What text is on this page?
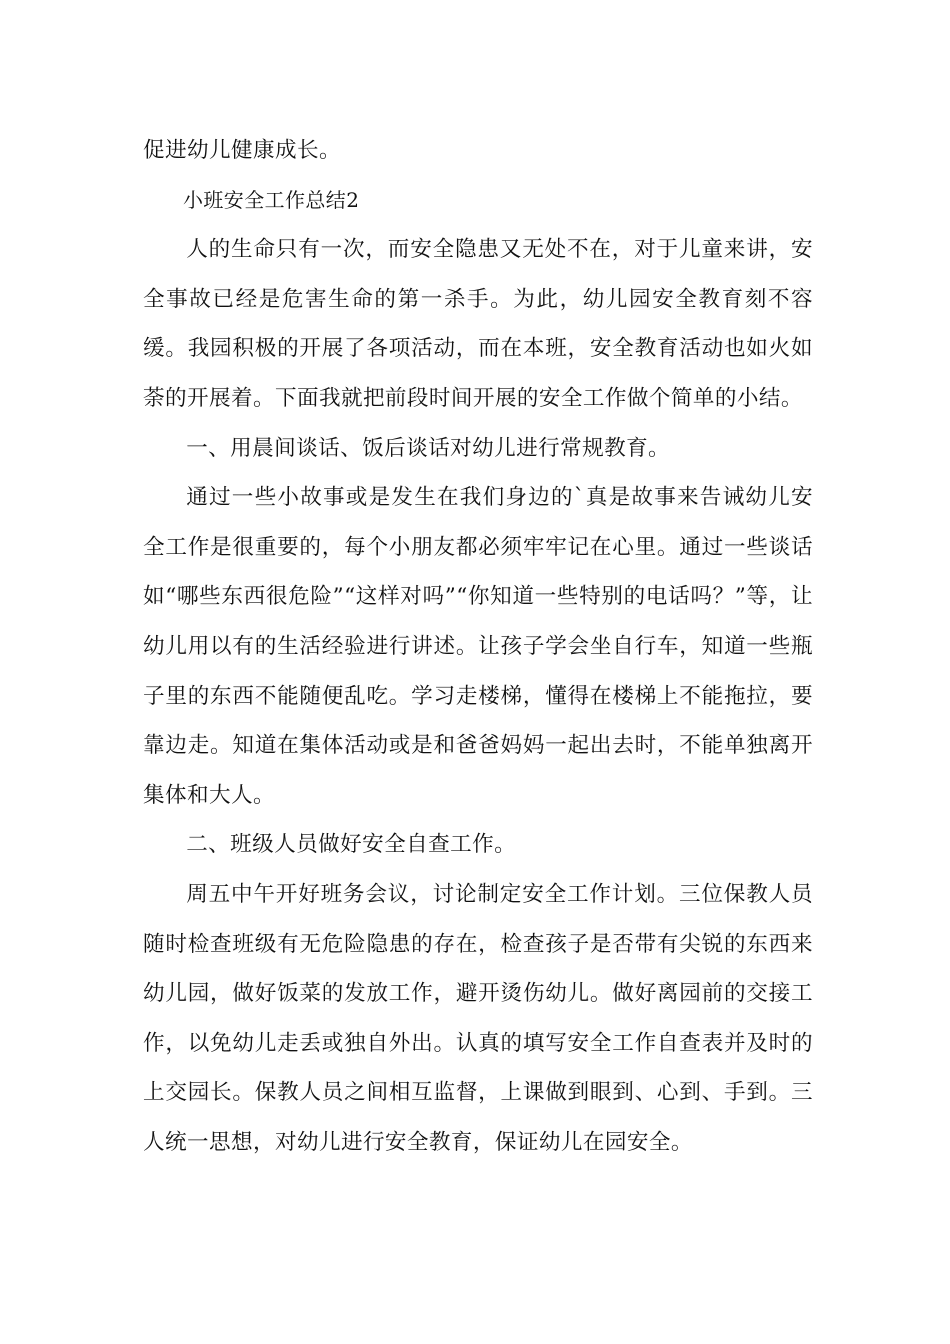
促进幼儿健康成长。

小班安全工作总结2

人的生命只有一次，而安全隐患又无处不在，对于儿童来讲，安全事故已经是危害生命的第一杀手。为此，幼儿园安全教育刻不容缓。我园积极的开展了各项活动，而在本班，安全教育活动也如火如荼的开展着。下面我就把前段时间开展的安全工作做个简单的小结。

一、用晨间谈话、饭后谈话对幼儿进行常规教育。

通过一些小故事或是发生在我们身边的`真是故事来告诫幼儿安全工作是很重要的，每个小朋友都必须牢牢记在心里。通过一些谈话如“哪些东西很危险”“这样对吗”“你知道一些特别的电话吗？”等，让幼儿用以有的生活经验进行讲述。让孩子学会坐自行车，知道一些瓶子里的东西不能随便乱吃。学习走楼梯，懂得在楼梯上不能拖拉，要靠边走。知道在集体活动或是和爸爸妈妈一起出去时，不能单独离开集体和大人。

二、班级人员做好安全自查工作。

周五中午开好班务会议，讨论制定安全工作计划。三位保教人员随时检查班级有无危险隐患的存在，检查孩子是否带有尖锐的东西来幼儿园，做好饭菜的发放工作，避开烫伤幼儿。做好离园前的交接工作，以免幼儿走丢或独自外出。认真的填写安全工作自查表并及时的上交园长。保教人员之间相互监督，上课做到眼到、心到、手到。三人统一思想，对幼儿进行安全教育，保证幼儿在园安全。
